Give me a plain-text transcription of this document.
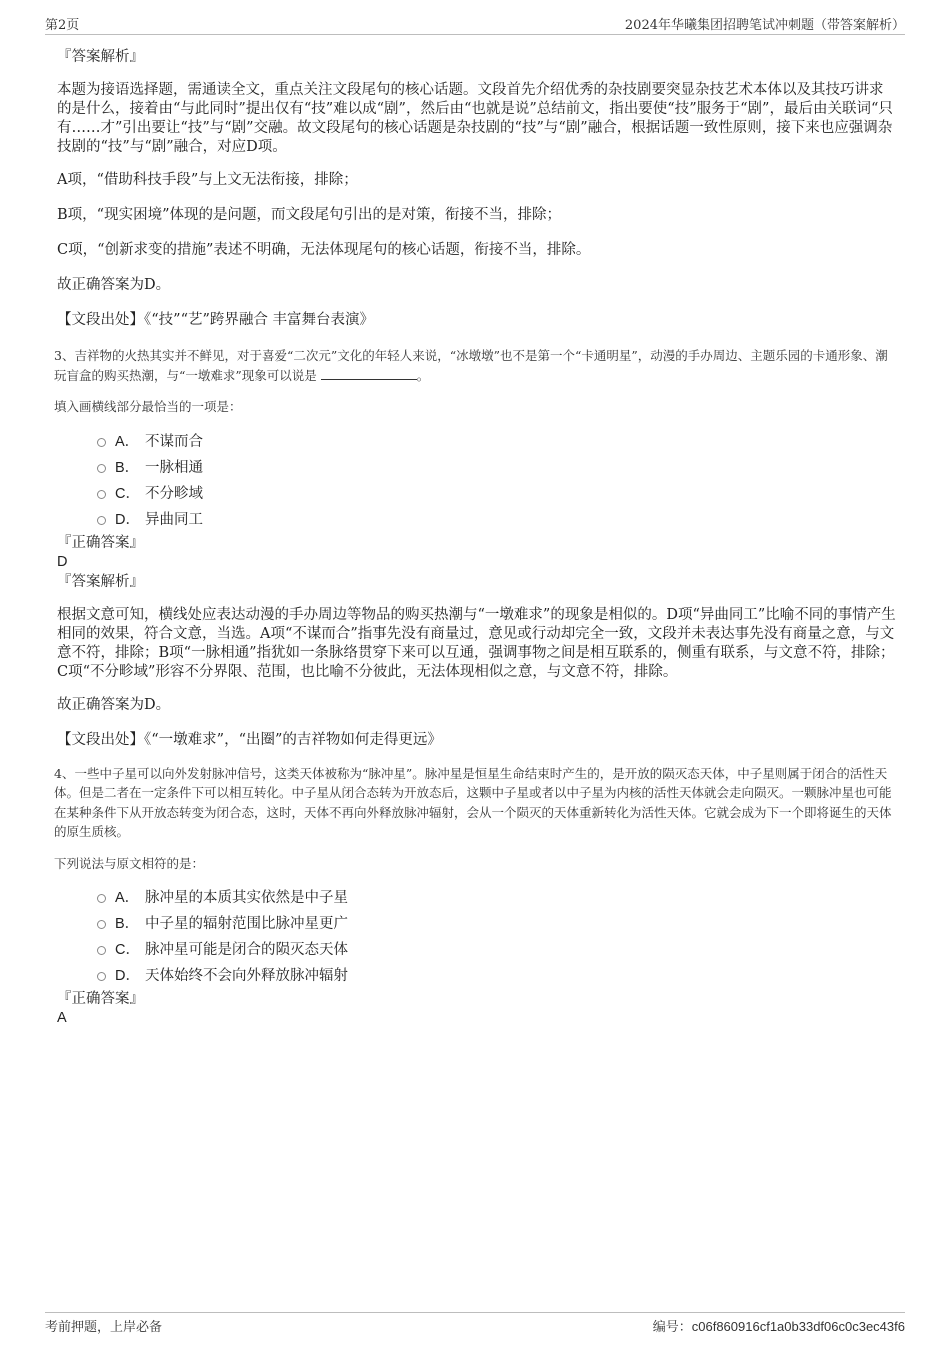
第2页	2024年华曦集团招聘笔试冲刺题（带答案解析）
『答案解析』
本题为接语选择题，需通读全文，重点关注文段尾句的核心话题。文段首先介绍优秀的杂技剧要突显杂技艺术本体以及其技巧讲求的是什么，接着由“与此同时”提出仅有“技”难以成“剧”，然后由“也就是说”总结前文，指出要使“技”服务于“剧”，最后由关联词“只有……才”引出要让“技”与“剧”交融。故文段尾句的核心话题是杂技剧的“技”与“剧”融合，根据话题一致性原则，接下来也应强调杂技剧的“技”与“剧”融合，对应D项。
A项，“借助科技手段”与上文无法衔接，排除；
B项，“现实困境”体现的是问题，而文段尾句引出的是对策，衔接不当，排除；
C项，“创新求变的措施”表述不明确，无法体现尾句的核心话题，衔接不当，排除。
故正确答案为D。
【文段出处】《“技”“艺”跨界融合 丰富舞台表演》
3、吉祥物的火热其实并不鲜见，对于喜爱“二次元”文化的年轻人来说，“冰墩墩”也不是第一个“卡通明星”，动漫的手办周边、主题乐园的卡通形象、潮玩盲盒的购买热潮，与“一墩难求”现象可以说是	。
填入画横线部分最恰当的一项是：
A． 不谋而合
B． 一脉相通
C． 不分畛域
D． 异曲同工
『正确答案』
D
『答案解析』
根据文意可知，横线处应表达动漫的手办周边等物品的购买热潮与“一墩难求”的现象是相似的。D项“异曲同工”比喻不同的事情产生相同的效果，符合文意，当选。A项“不谋而合”指事先没有商量过，意见或行动却完全一致，文段并未表达事先没有商量之意，与文意不符，排除；B项“一脉相通”指犹如一条脉络贯穿下来可以互通，强调事物之间是相互联系的，侧重有联系，与文意不符，排除；C项“不分畛域”形容不分界限、范围，也比喻不分彼此，无法体现相似之意，与文意不符，排除。
故正确答案为D。
【文段出处】《“一墩难求”，“出圈”的吉祥物如何走得更远》
4、一些中子星可以向外发射脉冲信号，这类天体被称为“脉冲星”。脉冲星是恒星生命结束时产生的，是开放的陨灭态天体，中子星则属于闭合的活性天体。但是二者在一定条件下可以相互转化。中子星从闭合态转为开放态后，这颗中子星或者以中子星为内核的活性天体就会走向陨灭。一颗脉冲星也可能在某种条件下从开放态转变为闭合态，这时，天体不再向外释放脉冲辐射，会从一个陨灭的天体重新转化为活性天体。它就会成为下一个即将诞生的天体的原生质核。
下列说法与原文相符的是：
A． 脉冲星的本质其实依然是中子星
B． 中子星的辐射范围比脉冲星更广
C． 脉冲星可能是闭合的陨灭态天体
D． 天体始终不会向外释放脉冲辐射
『正确答案』
A
考前押题，上岸必备	编号：c06f860916cf1a0b33df06c0c3ec43f6
